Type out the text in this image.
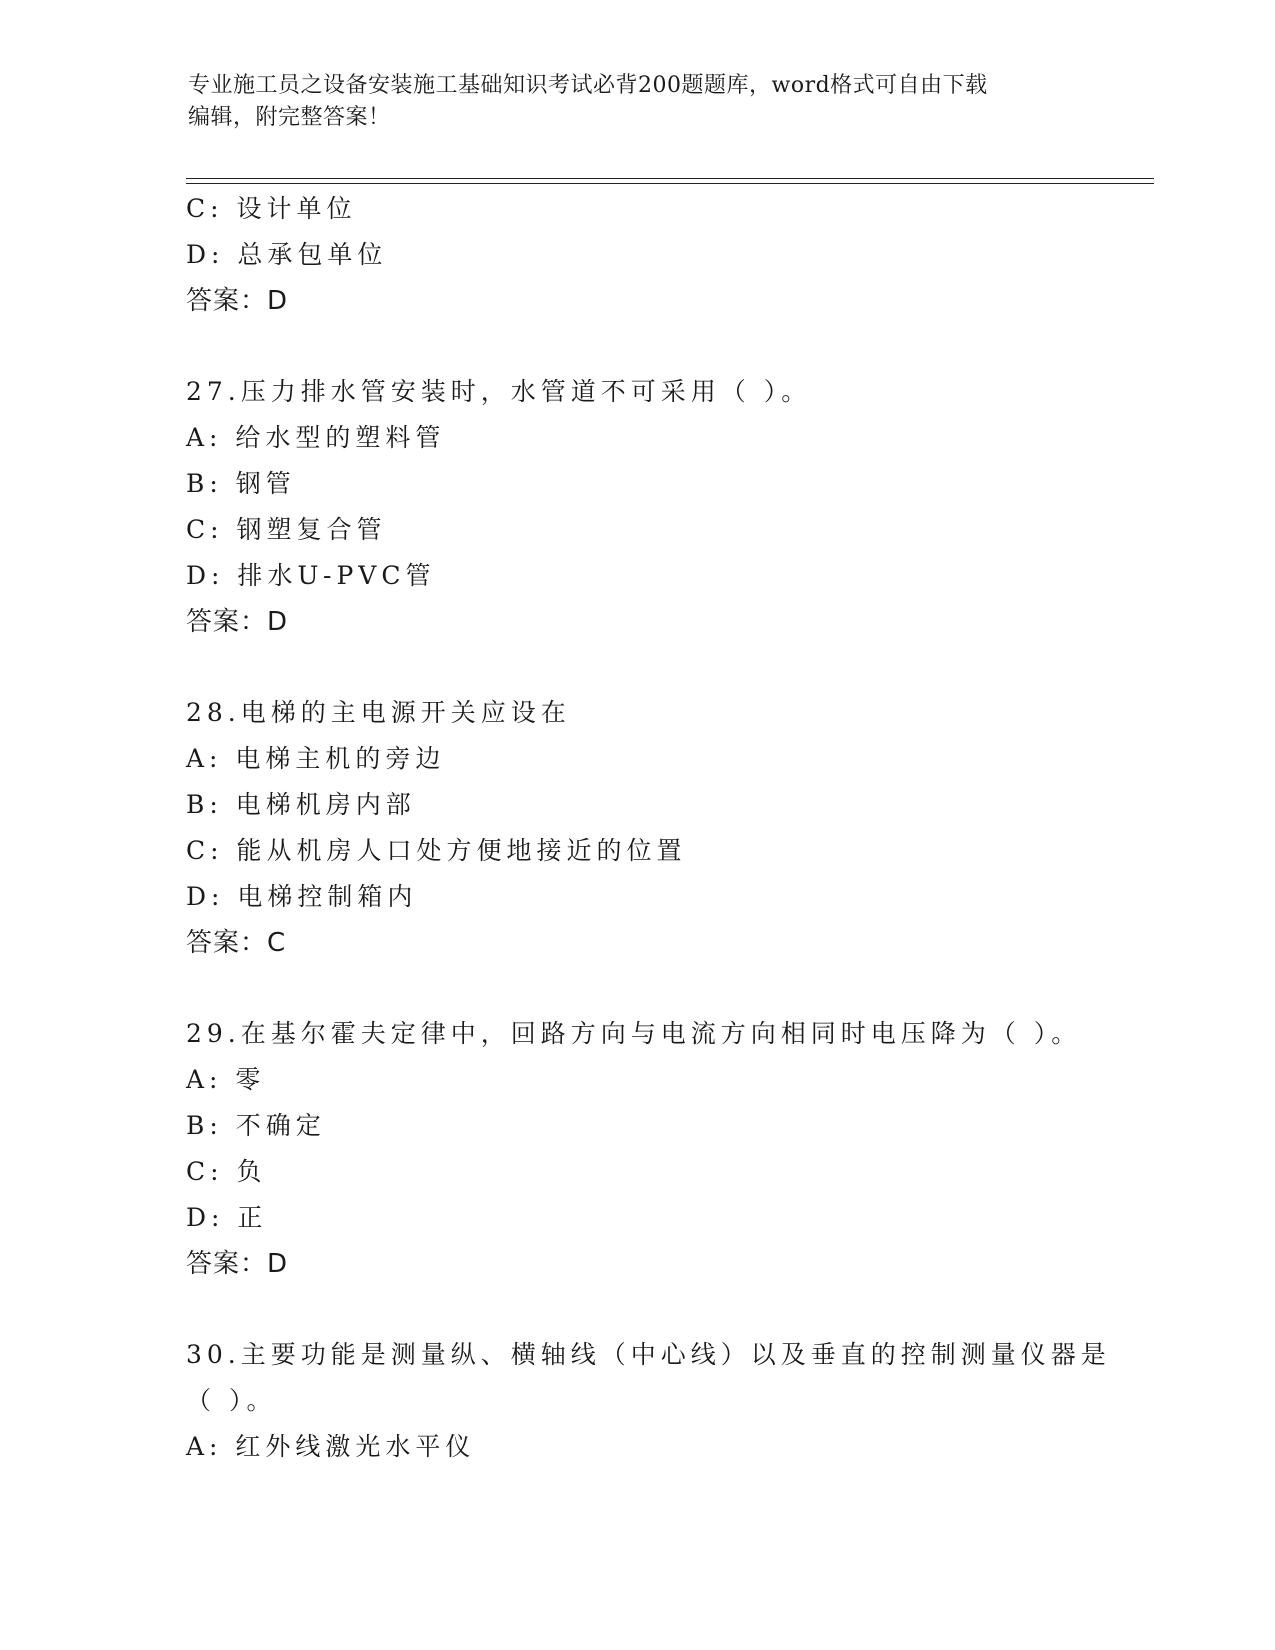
专业施工员之设备安装施工基础知识考试必背200题题库，word格式可自由下载
编辑，附完整答案！
C: 设计单位
D: 总承包单位
答案：D
27.压力排水管安装时，水管道不可采用（ ）。
A: 给水型的塑料管
B: 钢管
C: 钢塑复合管
D: 排水U-PVC管
答案：D
28.电梯的主电源开关应设在
A: 电梯主机的旁边
B: 电梯机房内部
C: 能从机房人口处方便地接近的位置
D: 电梯控制箱内
答案：C
29.在基尔霍夫定律中，回路方向与电流方向相同时电压降为（ ）。
A: 零
B: 不确定
C: 负
D: 正
答案：D
30.主要功能是测量纵、横轴线（中心线）以及垂直的控制测量仪器是
（ ）。
A: 红外线激光水平仪
